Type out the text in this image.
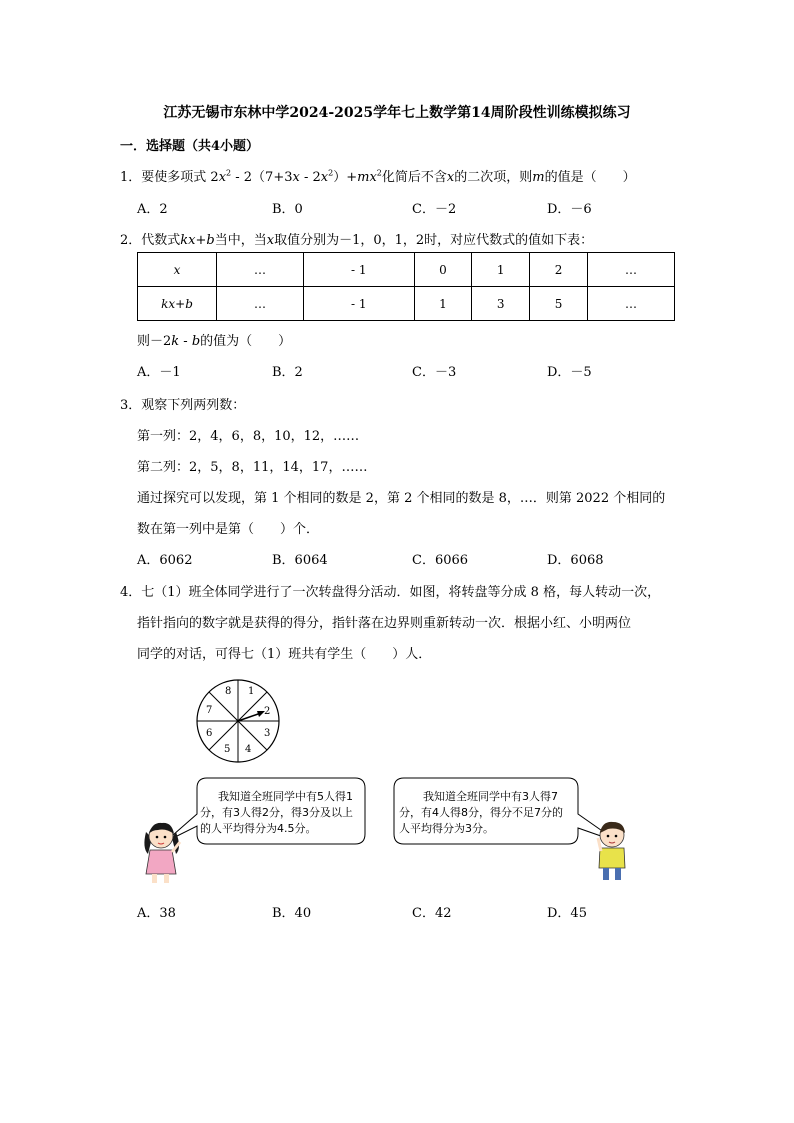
江苏无锡市东林中学2024-2025学年七上数学第14周阶段性训练模拟练习
一．选择题（共4小题）
1．要使多项式 $2x^2 - 2(7+3x - 2x^2)+mx^2$化简后不含x的二次项，则m的值是（　　）
A．2	B．0	C．－2	D．－6
2．代数式kx+b当中，当x取值分别为－1，0，1，2时，对应代数式的值如下表：
x	…	- 1	0	1	2	…
kx+b	…	- 1	1	3	5	…
则－2k - b的值为（　　）
A．－1	B．2	C．－3	D．－5
3．观察下列两列数：
第一列：2，4，6，8，10，12，……
第二列：2，5，8，11，14，17，……
通过探究可以发现，第 1 个相同的数是 2，第 2 个相同的数是 8，…．则第 2022 个相同的
数在第一列中是第（　　）个．
A．6062	B．6064	C．6066	D．6068
4．七（1）班全体同学进行了一次转盘得分活动．如图，将转盘等分成 8 格，每人转动一次，
指针指向的数字就是获得的得分，指针落在边界则重新转动一次．根据小红、小明两位
同学的对话，可得七（1）班共有学生（　　）人．
1
2
3
4
5
6
7
8
我知道全班同学中有5人得1
分，有3人得2分，得3分及以上
的人平均得分为4.5分。
我知道全班同学中有3人得7
分，有4人得8分，得分不足7分的
人平均得分为3分。
A．38	B．40	C．42	D．45
